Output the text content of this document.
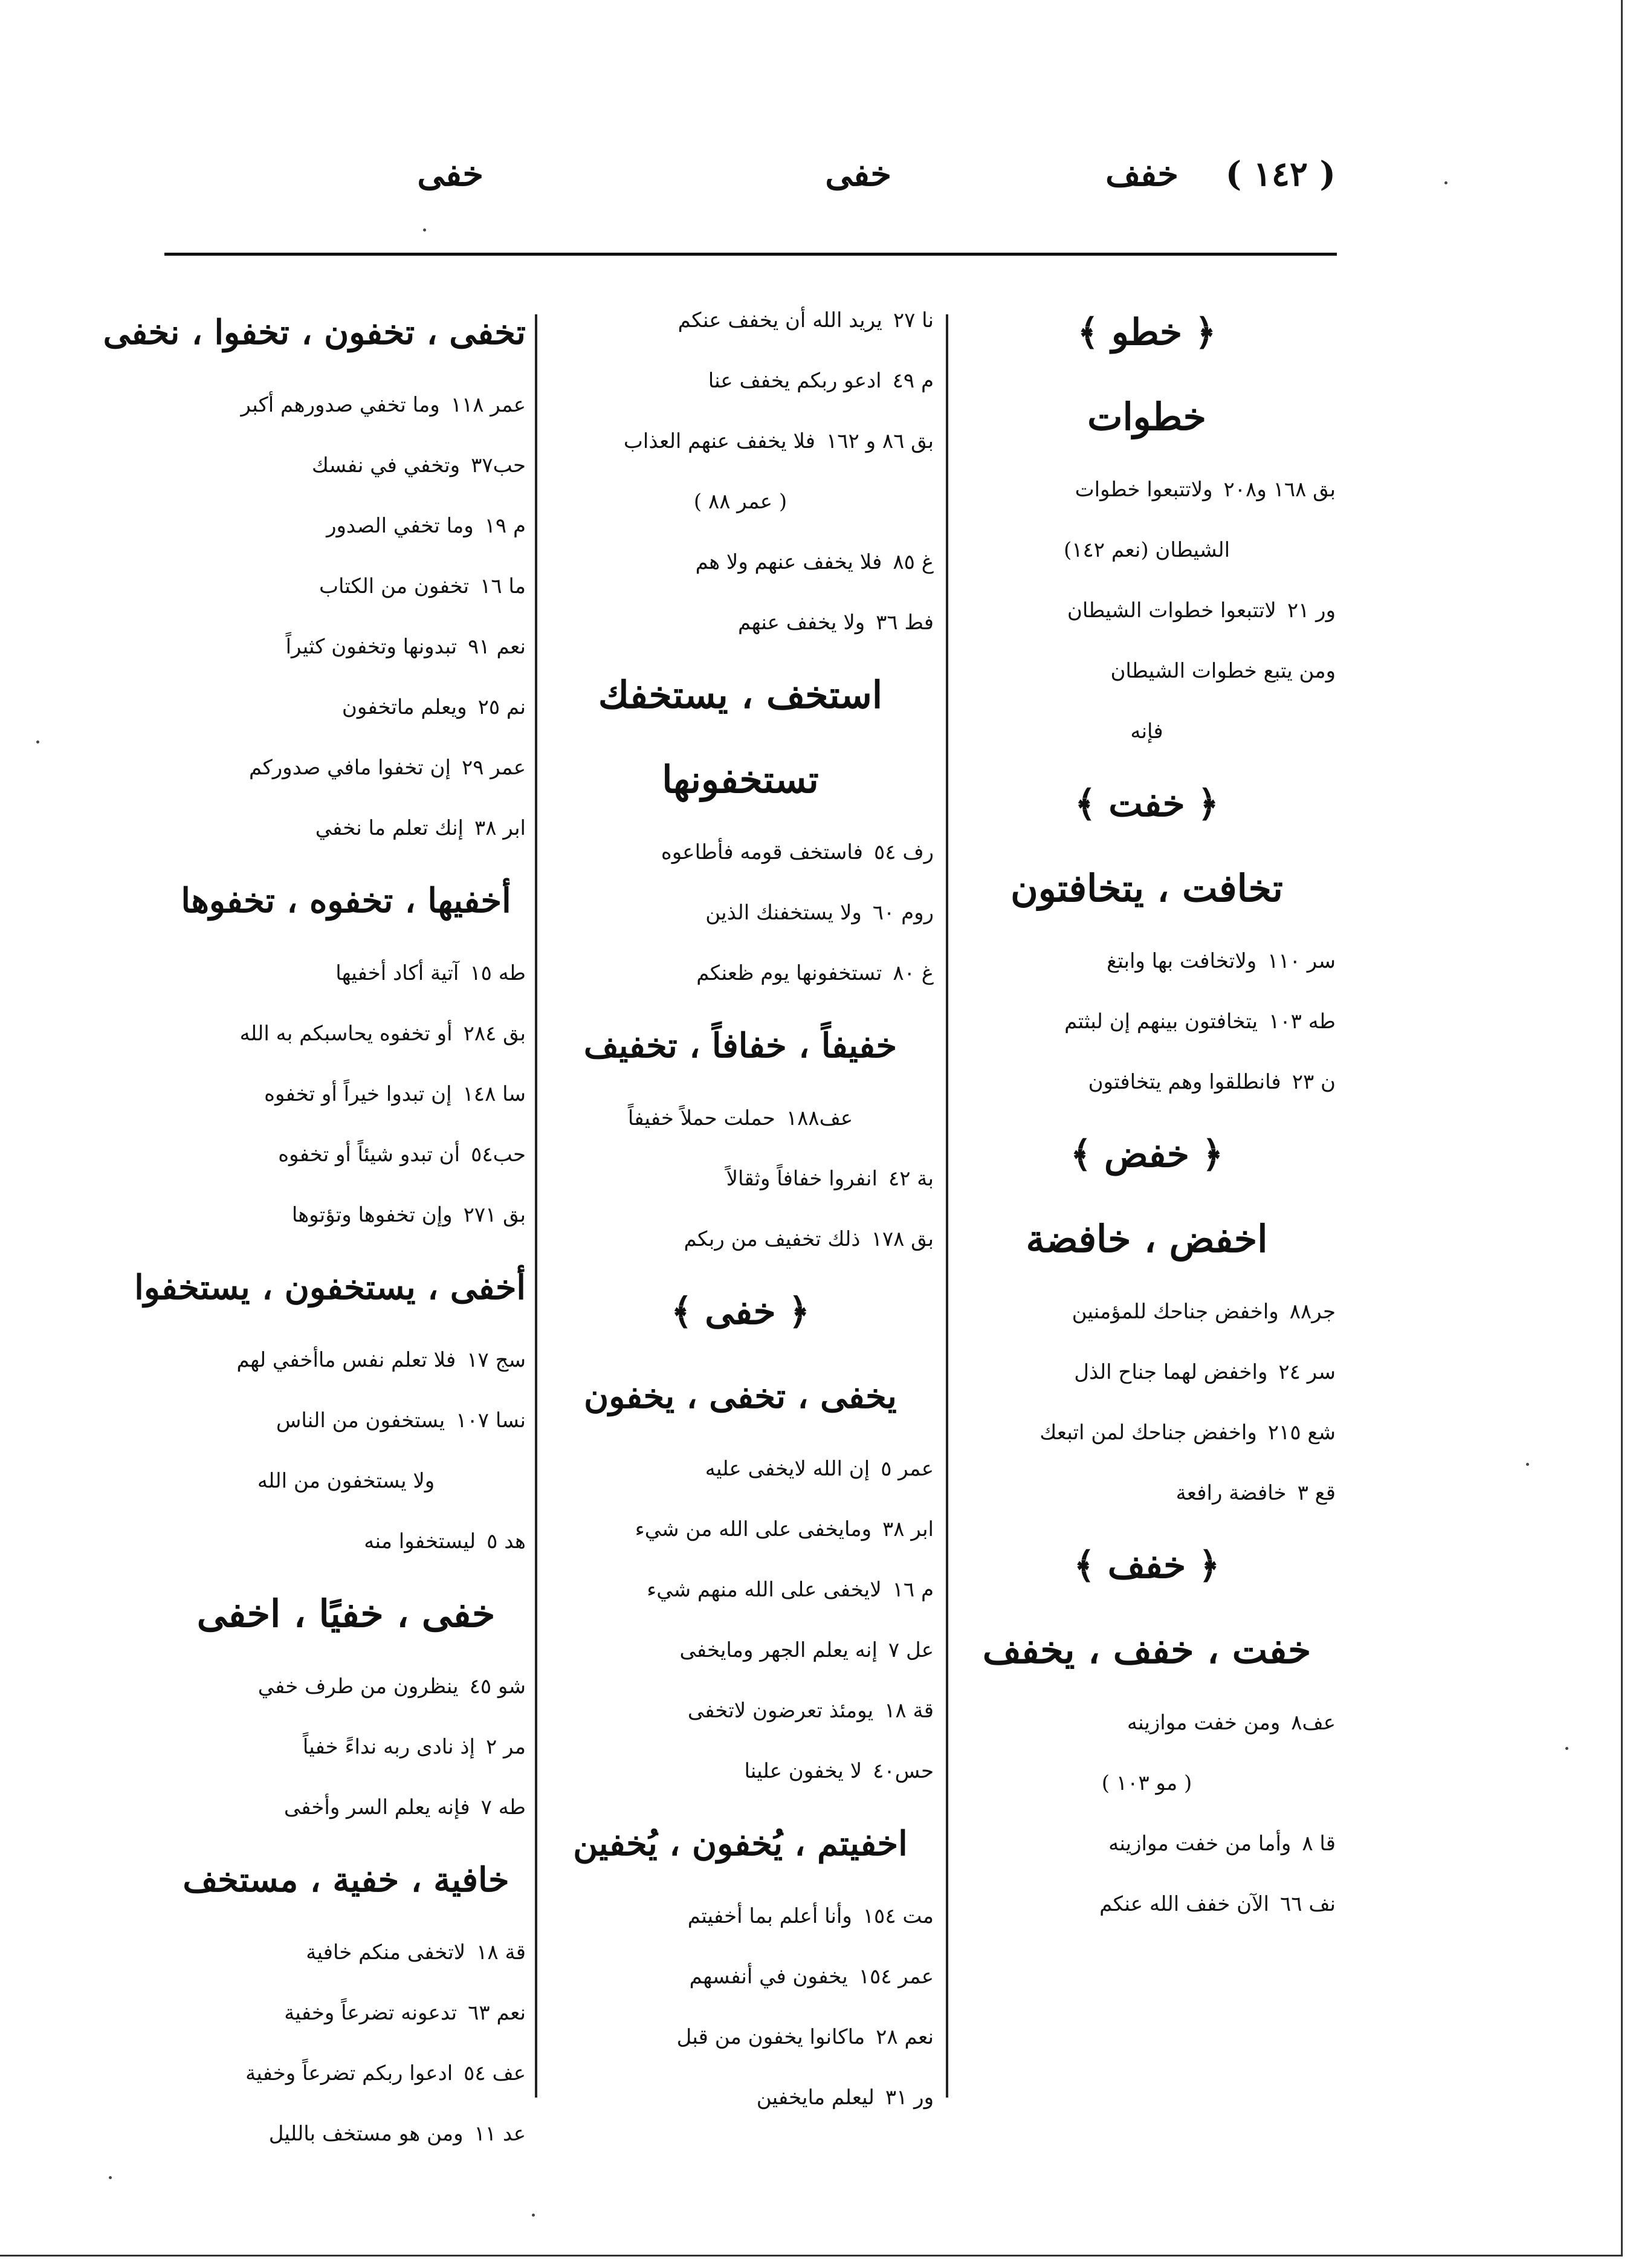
( ١٤٢ )
خفف
خفى
خفى
﴿ خطو ﴾
خطوات
بق ١٦٨ و٢٠٨ولاتتبعوا خطوات
الشيطان (نعم ١٤٢)
ور ٢١لاتتبعوا خطوات الشيطان
ومن يتبع خطوات الشيطان
فإنه
﴿ خفت ﴾
تخافت ، يتخافتون
سر ١١٠ولاتخافت بها وابتغ
طه ١٠٣يتخافتون بينهم إن لبثتم
ن ٢٣فانطلقوا وهم يتخافتون
﴿ خفض ﴾
اخفض ، خافضة
جر٨٨واخفض جناحك للمؤمنين
سر ٢٤واخفض لهما جناح الذل
شع ٢١٥واخفض جناحك لمن اتبعك
قع ٣خافضة رافعة
﴿ خفف ﴾
خفت ، خفف ، يخفف
عف٨ومن خفت موازينه
( مو ١٠٣ )
قا ٨وأما من خفت موازينه
نف ٦٦الآن خفف الله عنكم
نا ٢٧يريد الله أن يخفف عنكم
م ٤٩ادعو ربكم يخفف عنا
بق ٨٦ و ١٦٢فلا يخفف عنهم العذاب
( عمر ٨٨ )
غ ٨٥فلا يخفف عنهم ولا هم
فط ٣٦ولا يخفف عنهم
استخف ، يستخفك
تستخفونها
رف ٥٤فاستخف قومه فأطاعوه
روم ٦٠ولا يستخفنك الذين
غ ٨٠تستخفونها يوم ظعنكم
خفيفاً ، خفافاً ، تخفيف
عف١٨٨حملت حملاً خفيفاً
بة ٤٢انفروا خفافاً وثقالاً
بق ١٧٨ذلك تخفيف من ربكم
﴿ خفى ﴾
يخفى ، تخفى ، يخفون
عمر ٥إن الله لايخفى عليه
ابر ٣٨ومايخفى على الله من شيء
م ١٦لايخفى على الله منهم شيء
عل ٧إنه يعلم الجهر ومايخفى
قة ١٨يومئذ تعرضون لاتخفى
حس٤٠لا يخفون علينا
اخفيتم ، يُخفون ، يُخفين
مت ١٥٤وأنا أعلم بما أخفيتم
عمر ١٥٤يخفون في أنفسهم
نعم ٢٨ماكانوا يخفون من قبل
ور ٣١ليعلم مايخفين
تخفى ، تخفون ، تخفوا ، نخفى
عمر ١١٨وما تخفي صدورهم أكبر
حب٣٧وتخفي في نفسك
م ١٩وما تخفي الصدور
ما ١٦تخفون من الكتاب
نعم ٩١تبدونها وتخفون كثيراً
نم ٢٥ويعلم ماتخفون
عمر ٢٩إن تخفوا مافي صدوركم
ابر ٣٨إنك تعلم ما نخفي
أخفيها ، تخفوه ، تخفوها
طه ١٥آتية أكاد أخفيها
بق ٢٨٤أو تخفوه يحاسبكم به الله
سا ١٤٨إن تبدوا خيراً أو تخفوه
حب٥٤أن تبدو شيئاً أو تخفوه
بق ٢٧١وإن تخفوها وتؤتوها
أخفى ، يستخفون ، يستخفوا
سج ١٧فلا تعلم نفس ماأخفي لهم
نسا ١٠٧يستخفون من الناس
ولا يستخفون من الله
هد ٥ليستخفوا منه
خفى ، خفيًا ، اخفى
شو ٤٥ينظرون من طرف خفي
مر ٢إذ نادى ربه نداءً خفياً
طه ٧فإنه يعلم السر وأخفى
خافية ، خفية ، مستخف
قة ١٨لاتخفى منكم خافية
نعم ٦٣تدعونه تضرعاً وخفية
عف ٥٤ادعوا ربكم تضرعاً وخفية
عد ١١ومن هو مستخف بالليل
